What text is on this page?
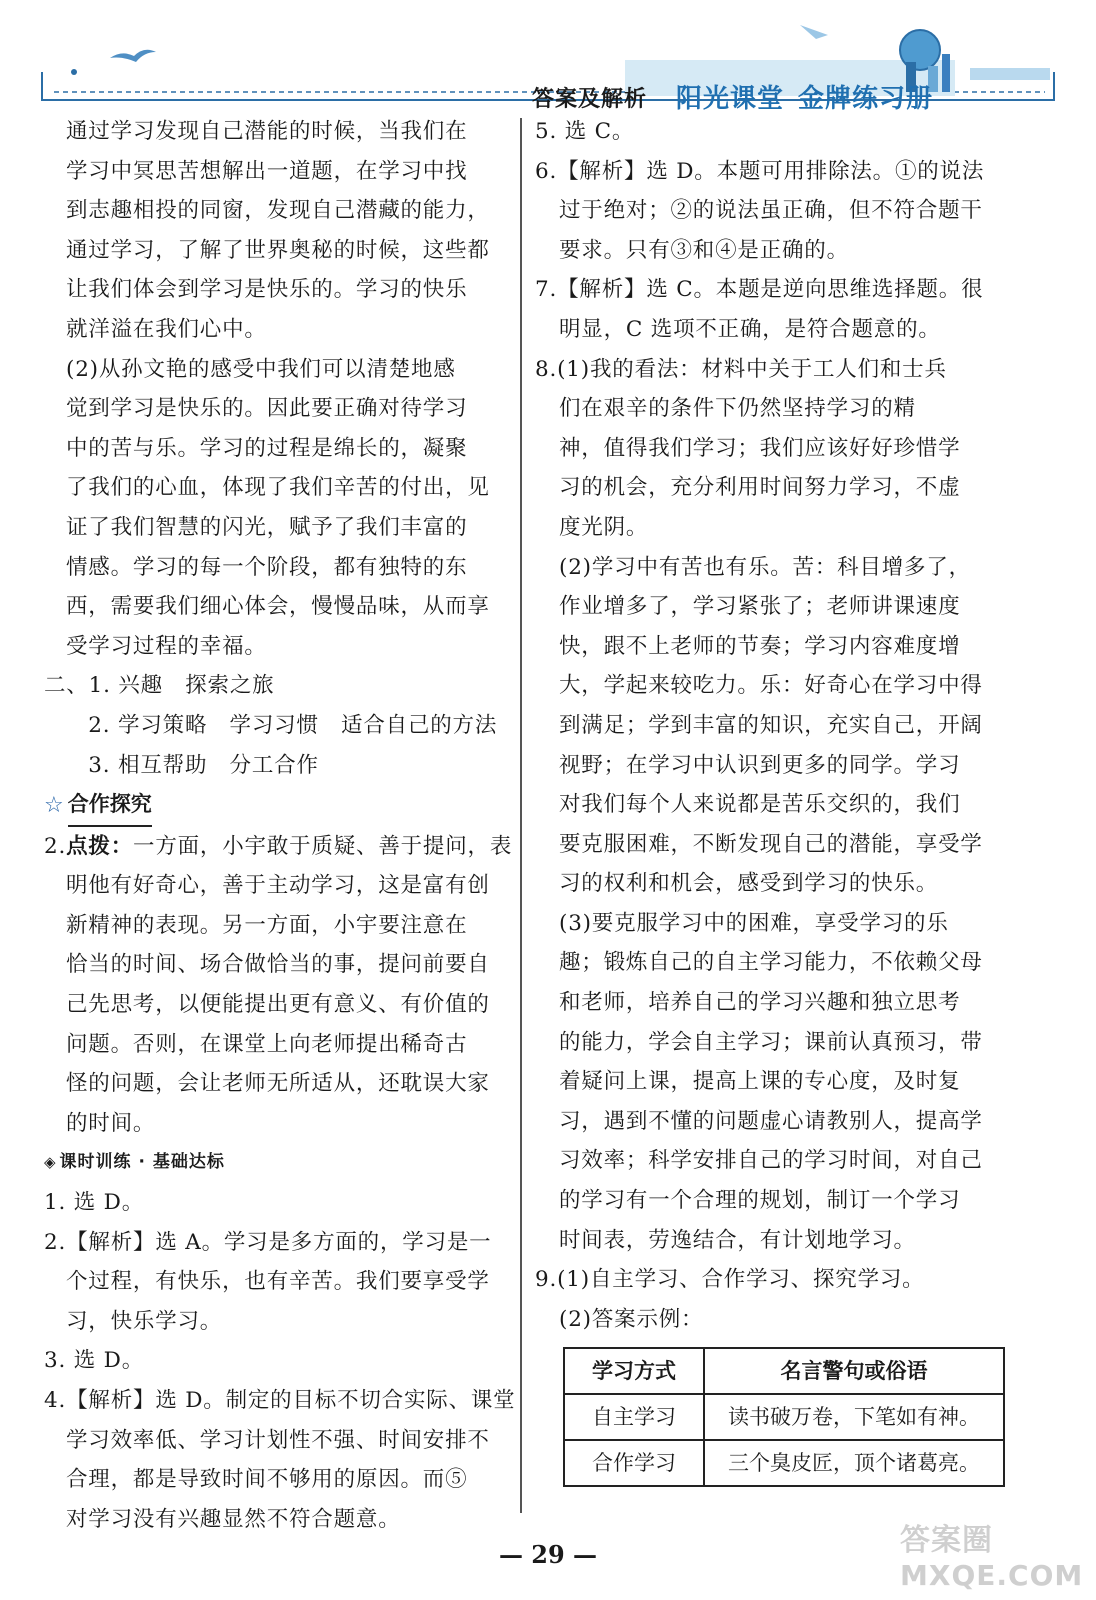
答案及解析 阳光课堂 金牌练习册
通过学习发现自己潜能的时候，当我们在
学习中冥思苦想解出一道题，在学习中找
到志趣相投的同窗，发现自己潜藏的能力，
通过学习，了解了世界奥秘的时候，这些都
让我们体会到学习是快乐的。学习的快乐
就洋溢在我们心中。
(2)从孙文艳的感受中我们可以清楚地感
觉到学习是快乐的。因此要正确对待学习
中的苦与乐。学习的过程是绵长的，凝聚
了我们的心血，体现了我们辛苦的付出，见
证了我们智慧的闪光，赋予了我们丰富的
情感。学习的每一个阶段，都有独特的东
西，需要我们细心体会，慢慢品味，从而享
受学习过程的幸福。
二、1. 兴趣　探索之旅
　2. 学习策略　学习习惯　适合自己的方法
　3. 相互帮助　分工合作
☆ 合作探究
2.点拨：一方面，小宇敢于质疑、善于提问，表
明他有好奇心，善于主动学习，这是富有创
新精神的表现。另一方面，小宇要注意在
恰当的时间、场合做恰当的事，提问前要自
己先思考，以便能提出更有意义、有价值的
问题。否则，在课堂上向老师提出稀奇古
怪的问题，会让老师无所适从，还耽误大家
的时间。
◈ 课时训练 · 基础达标
1. 选 D。
2.【解析】选 A。学习是多方面的，学习是一
个过程，有快乐，也有辛苦。我们要享受学
习，快乐学习。
3. 选 D。
4.【解析】选 D。制定的目标不切合实际、课堂
学习效率低、学习计划性不强、时间安排不
合理，都是导致时间不够用的原因。而⑤
对学习没有兴趣显然不符合题意。
5. 选 C。
6.【解析】选 D。本题可用排除法。①的说法
过于绝对；②的说法虽正确，但不符合题干
要求。只有③和④是正确的。
7.【解析】选 C。本题是逆向思维选择题。很
明显，C 选项不正确，是符合题意的。
8.(1)我的看法：材料中关于工人们和士兵
们在艰辛的条件下仍然坚持学习的精
神，值得我们学习；我们应该好好珍惜学
习的机会，充分利用时间努力学习，不虚
度光阴。
(2)学习中有苦也有乐。苦：科目增多了，
作业增多了，学习紧张了；老师讲课速度
快，跟不上老师的节奏；学习内容难度增
大，学起来较吃力。乐：好奇心在学习中得
到满足；学到丰富的知识，充实自己，开阔
视野；在学习中认识到更多的同学。学习
对我们每个人来说都是苦乐交织的，我们
要克服困难，不断发现自己的潜能，享受学
习的权利和机会，感受到学习的快乐。
(3)要克服学习中的困难，享受学习的乐
趣；锻炼自己的自主学习能力，不依赖父母
和老师，培养自己的学习兴趣和独立思考
的能力，学会自主学习；课前认真预习，带
着疑问上课，提高上课的专心度，及时复
习，遇到不懂的问题虚心请教别人，提高学
习效率；科学安排自己的学习时间，对自己
的学习有一个合理的规划，制订一个学习
时间表，劳逸结合，有计划地学习。
9.(1)自主学习、合作学习、探究学习。
(2)答案示例：
学习方式	名言警句或俗语
自主学习	读书破万卷，下笔如有神。
合作学习	三个臭皮匠，顶个诸葛亮。
— 29 —	答案圈
MXQE.COM
